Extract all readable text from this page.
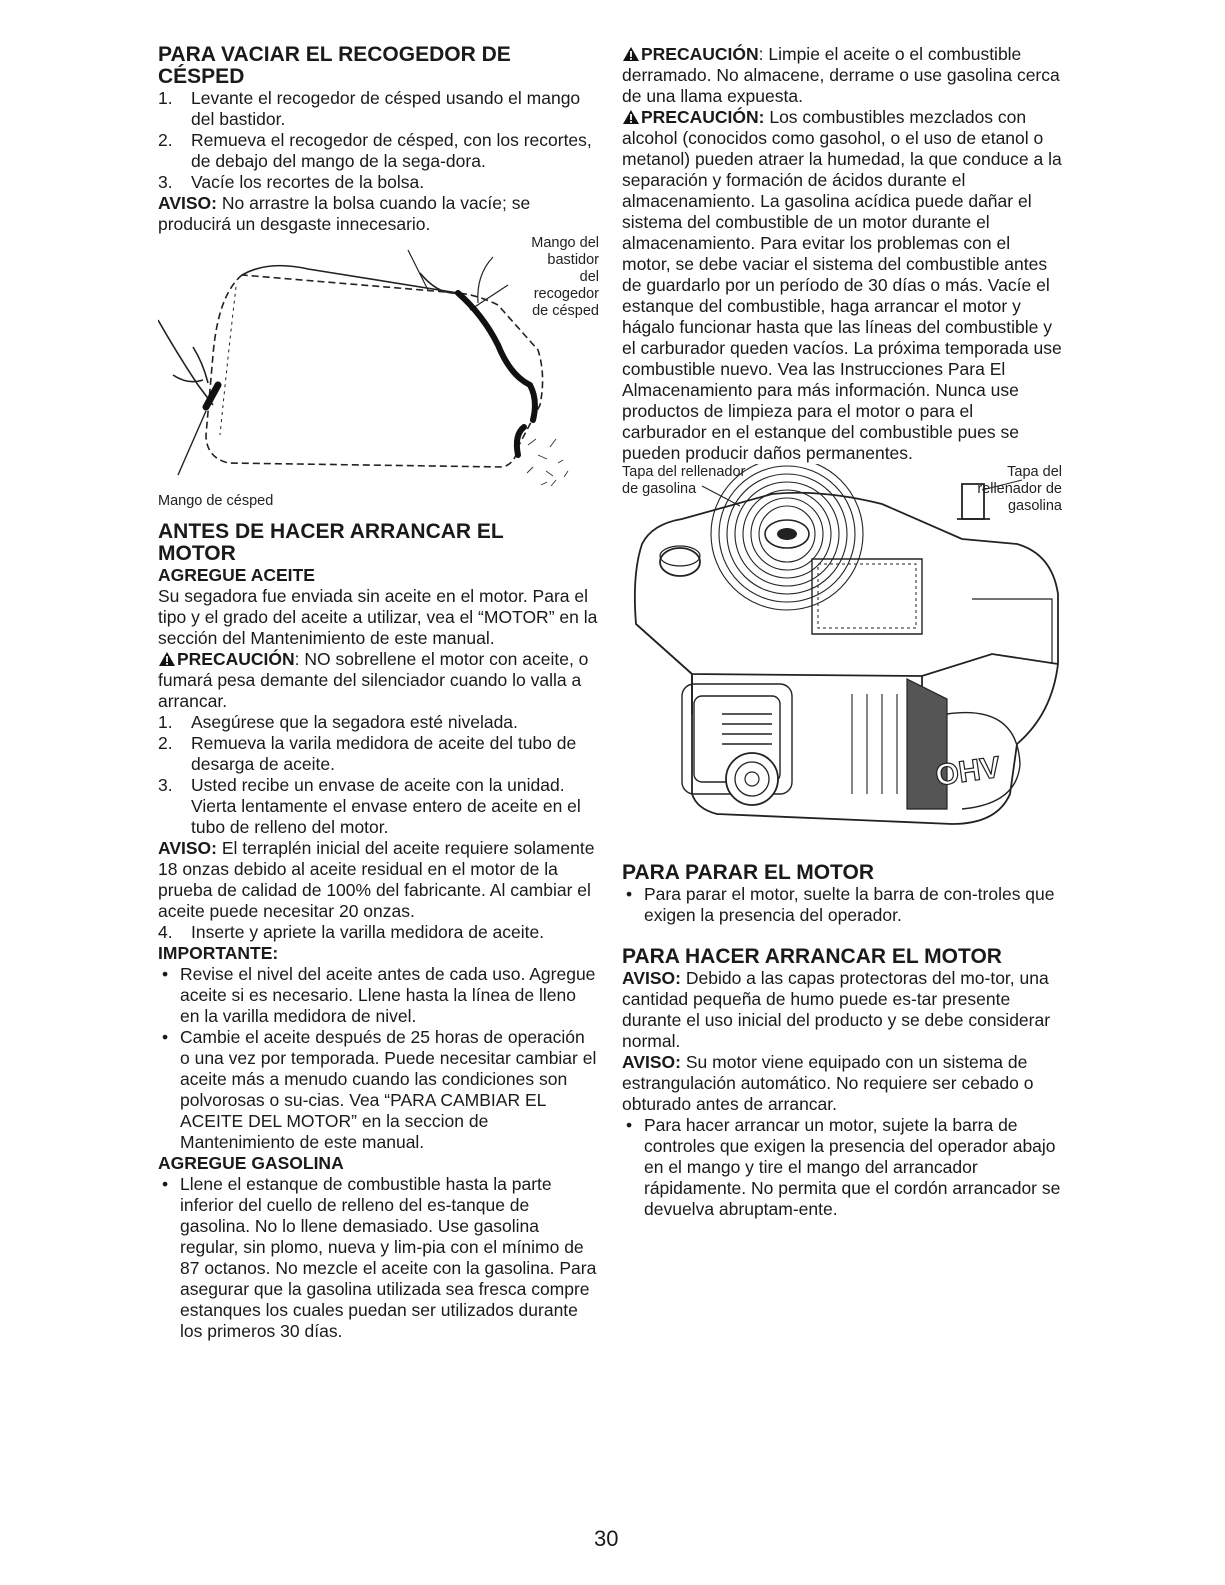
PARA VACIAR EL RECOGEDOR DE
CÉSPED
1. Levante el recogedor de césped usando el mango del bastidor.
2. Remueva el recogedor de césped, con los recortes, de debajo del mango de la sega-dora.
3. Vacíe los recortes de la bolsa.

AVISO: No arrastre la bolsa cuando la vacíe; se producirá un desgaste innecesario.

Mango del
bastidor
del
recogedor
de césped
Mango de césped
ANTES DE HACER ARRANCAR EL
MOTOR
AGREGUE ACEITE

Su segadora fue enviada sin aceite en el motor. Para el tipo y el grado del aceite a utilizar, vea el “MOTOR” en la sección del Mantenimiento de este manual.

PRECAUCIÓN: NO sobrellene el motor con aceite, o fumará pesa demante del silenciador cuando lo valla a arrancar.

1. Asegúrese que la segadora esté nivelada.
2. Remueva la varila medidora de aceite del tubo de desarga de aceite.
3. Usted recibe un envase de aceite con la unidad. Vierta lentamente el envase entero de aceite en el tubo de relleno del motor.

AVISO: El terraplén inicial del aceite requiere solamente 18 onzas debido al aceite residual en el motor de la prueba de calidad de 100% del fabricante. Al cambiar el aceite puede necesitar 20 onzas.

4. Inserte y apriete la varilla medidora de aceite.
IMPORTANTE:
• Revise el nivel del aceite antes de cada uso. Agregue aceite si es necesario. Llene hasta la línea de lleno en la varilla medidora de nivel.
• Cambie el aceite después de 25 horas de operación o una vez por temporada. Puede necesitar cambiar el aceite más a menudo cuando las condiciones son polvorosas o su-cias. Vea “PARA CAMBIAR EL ACEITE DEL MOTOR” en la seccion de Mantenimiento de este manual.
AGREGUE GASOLINA
• Llene el estanque de combustible hasta la parte inferior del cuello de relleno del es-tanque de gasolina. No lo llene demasiado. Use gasolina regular, sin plomo, nueva y lim-pia con el mínimo de 87 octanos. No mezcle el aceite con la gasolina. Para asegurar que la gasolina utilizada sea fresca compre estanques los cuales puedan ser utilizados durante los primeros 30 días.

PRECAUCIÓN: Limpie el aceite o el combustible derramado. No almacene, derrame o use gasolina cerca de una llama expuesta.

PRECAUCIÓN: Los combustibles mezclados con alcohol (conocidos como gasohol, o el uso de etanol o metanol) pueden atraer la humedad, la que conduce a la separación y formación de ácidos durante el almacenamiento. La gasolina acídica puede dañar el sistema del combustible de un motor durante el almacenamiento. Para evitar los problemas con el motor, se debe vaciar el sistema del combustible antes de guardarlo por un período de 30 días o más. Vacíe el estanque del combustible, haga arrancar el motor y hágalo funcionar hasta que las líneas del combustible y el carburador queden vacíos. La próxima temporada use combustible nuevo. Vea las Instrucciones Para El Almacenamiento para más información. Nunca use productos de limpieza para el motor o para el carburador en el estanque del combustible pues se pueden producir daños permanentes.

OHV
Tapa del rellenador
de gasolina
Tapa del
rellenador de
gasolina
PARA PARAR EL MOTOR
• Para parar el motor, suelte la barra de con-troles que exigen la presencia del operador.
PARA HACER ARRANCAR EL MOTOR

AVISO: Debido a las capas protectoras del mo-tor, una cantidad pequeña de humo puede es-tar presente durante el uso inicial del producto y se debe considerar normal.

AVISO: Su motor viene equipado con un sistema de estrangulación automático. No requiere ser cebado o obturado antes de arrancar.

• Para hacer arrancar un motor, sujete la barra de controles que exigen la presencia del operador abajo en el mango y tire el mango del arrancador rápidamente. No permita que el cordón arrancador se devuelva abruptam-ente.
30
